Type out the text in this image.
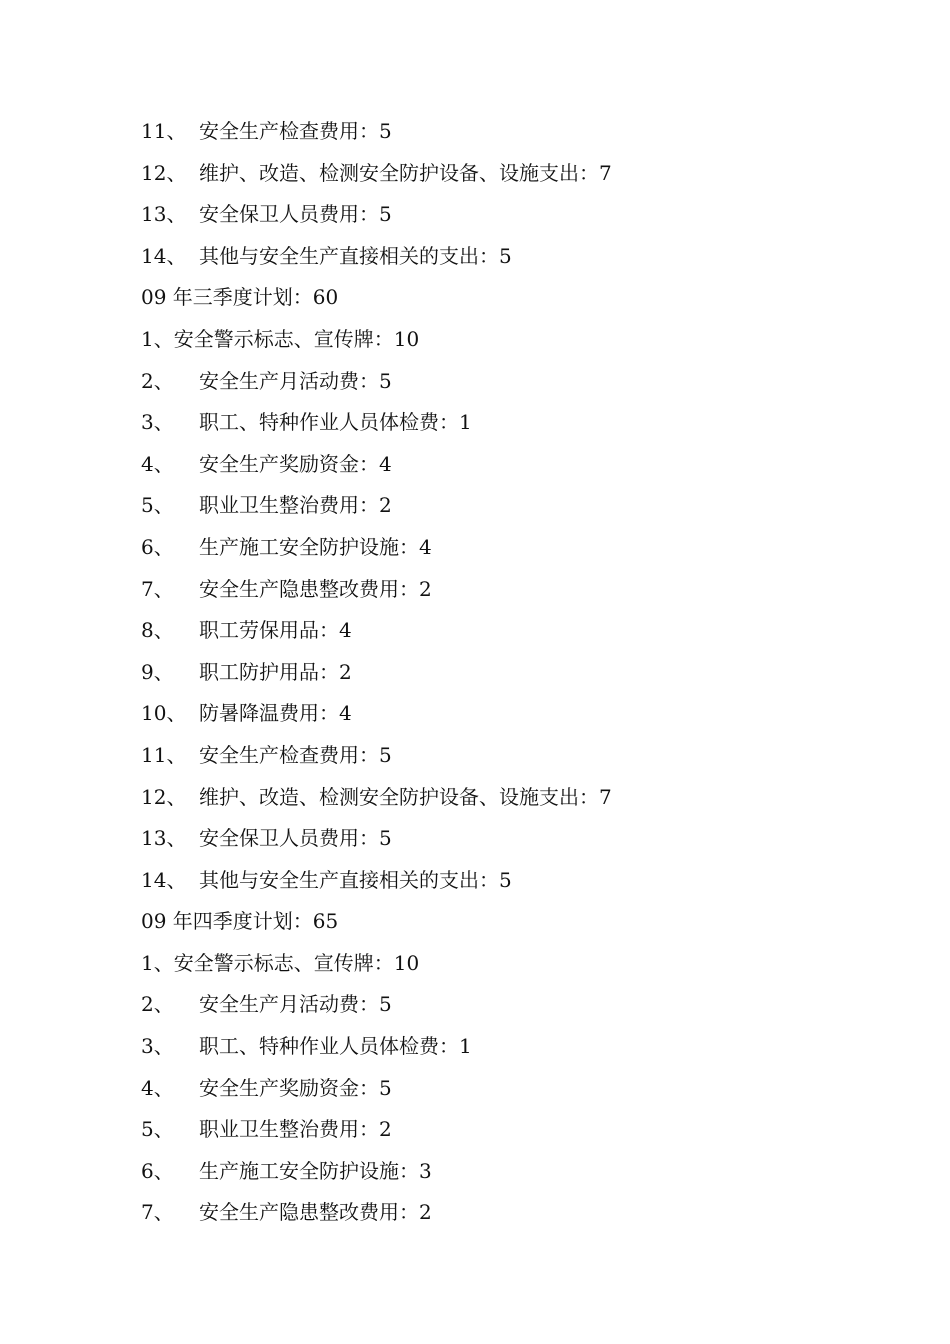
11、 安全生产检查费用：5
12、 维护、改造、检测安全防护设备、设施支出：7
13、 安全保卫人员费用：5
14、 其他与安全生产直接相关的支出：5
09 年三季度计划：60
1、安全警示标志、宣传牌：10
2、 安全生产月活动费：5
3、 职工、特种作业人员体检费：1
4、 安全生产奖励资金：4
5、 职业卫生整治费用：2
6、 生产施工安全防护设施：4
7、 安全生产隐患整改费用：2
8、 职工劳保用品：4
9、 职工防护用品：2
10、 防暑降温费用：4
11、 安全生产检查费用：5
12、 维护、改造、检测安全防护设备、设施支出：7
13、 安全保卫人员费用：5
14、 其他与安全生产直接相关的支出：5
09 年四季度计划：65
1、安全警示标志、宣传牌：10
2、 安全生产月活动费：5
3、 职工、特种作业人员体检费：1
4、 安全生产奖励资金：5
5、 职业卫生整治费用：2
6、 生产施工安全防护设施：3
7、 安全生产隐患整改费用：2
